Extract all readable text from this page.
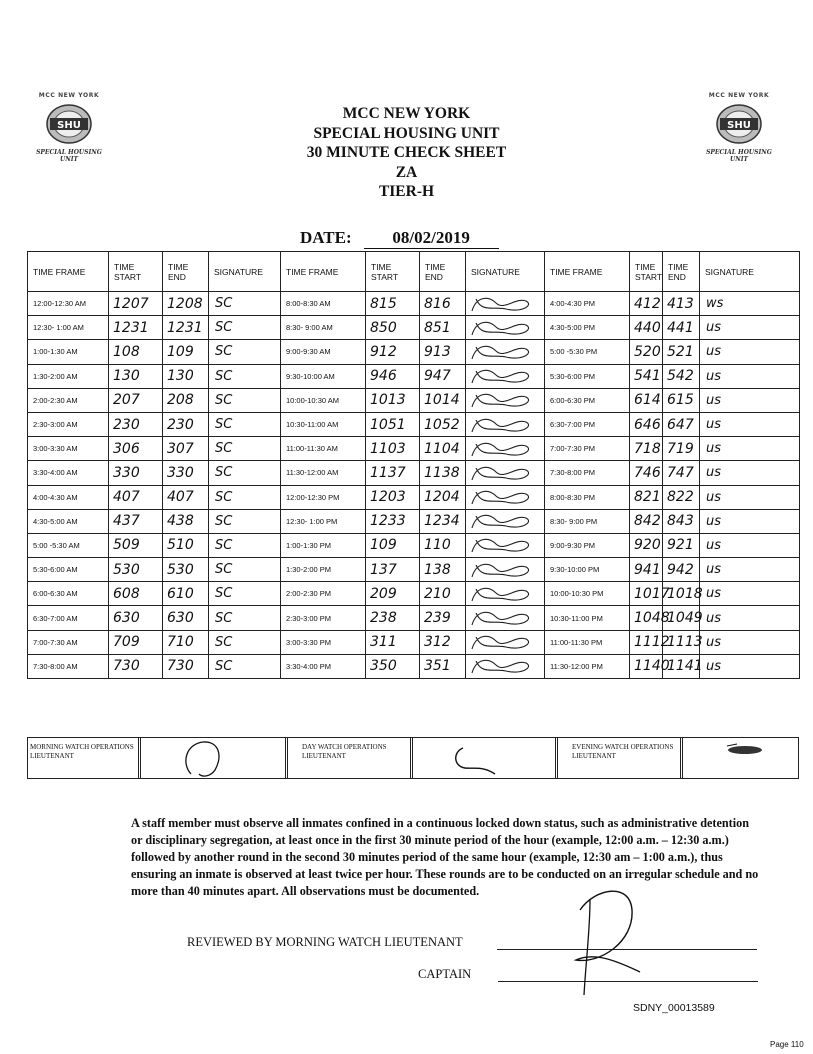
MCC NEW YORK
SHU
SPECIAL HOUSING UNIT
MCC NEW YORK
SHU
SPECIAL HOUSING UNIT
MCC NEW YORK
SPECIAL HOUSING UNIT
30 MINUTE CHECK SHEET
ZA
TIER-H
DATE: 08/02/2019
TIME FRAME	TIME START	TIME END	SIGNATURE	TIME FRAME	TIME START	TIME END	SIGNATURE	TIME FRAME	TIME START	TIME END	SIGNATURE
12:00-12:30 AM	1207	1208	SC	8:00-8:30 AM	815	816		4:00-4:30 PM	412	413	ws
12:30- 1:00 AM	1231	1231	SC	8:30- 9:00 AM	850	851		4:30-5:00 PM	440	441	us
1:00-1:30 AM	108	109	SC	9:00-9:30 AM	912	913		5:00 -5:30 PM	520	521	us
1:30-2:00 AM	130	130	SC	9:30-10:00 AM	946	947		5:30-6:00 PM	541	542	us
2:00-2:30 AM	207	208	SC	10:00-10:30 AM	1013	1014		6:00-6:30 PM	614	615	us
2:30-3:00 AM	230	230	SC	10:30-11:00 AM	1051	1052		6:30-7:00 PM	646	647	us
3:00-3:30 AM	306	307	SC	11:00-11:30 AM	1103	1104		7:00-7:30 PM	718	719	us
3:30-4:00 AM	330	330	SC	11:30-12:00 AM	1137	1138		7:30-8:00 PM	746	747	us
4:00-4:30 AM	407	407	SC	12:00-12:30 PM	1203	1204		8:00-8:30 PM	821	822	us
4:30-5:00 AM	437	438	SC	12:30- 1:00 PM	1233	1234		8:30- 9:00 PM	842	843	us
5:00 -5:30 AM	509	510	SC	1:00-1:30 PM	109	110		9:00-9:30 PM	920	921	us
5:30-6:00 AM	530	530	SC	1:30-2:00 PM	137	138		9:30-10:00 PM	941	942	us
6:00-6:30 AM	608	610	SC	2:00-2:30 PM	209	210		10:00-10:30 PM	1017	1018	us
6:30-7:00 AM	630	630	SC	2:30-3:00 PM	238	239		10:30-11:00 PM	1048	1049	us
7:00-7:30 AM	709	710	SC	3:00-3:30 PM	311	312		11:00-11:30 PM	1112	1113	us
7:30-8:00 AM	730	730	SC	3:30-4:00 PM	350	351		11:30-12:00 PM	1140	1141	us
MORNING WATCH OPERATIONS LIEUTENANT
DAY WATCH OPERATIONS LIEUTENANT
EVENING WATCH OPERATIONS LIEUTENANT
A staff member must observe all inmates confined in a continuous locked down status, such as administrative detention or disciplinary segregation, at least once in the first 30 minute period of the hour (example, 12:00 a.m. – 12:30 a.m.) followed by another round in the second 30 minutes period of the same hour (example, 12:30 am – 1:00 a.m.), thus ensuring an inmate is observed at least twice per hour. These rounds are to be conducted on an irregular schedule and no more than 40 minutes apart. All observations must be documented.
REVIEWED BY MORNING WATCH LIEUTENANT
CAPTAIN
SDNY_00013589
Page 110
